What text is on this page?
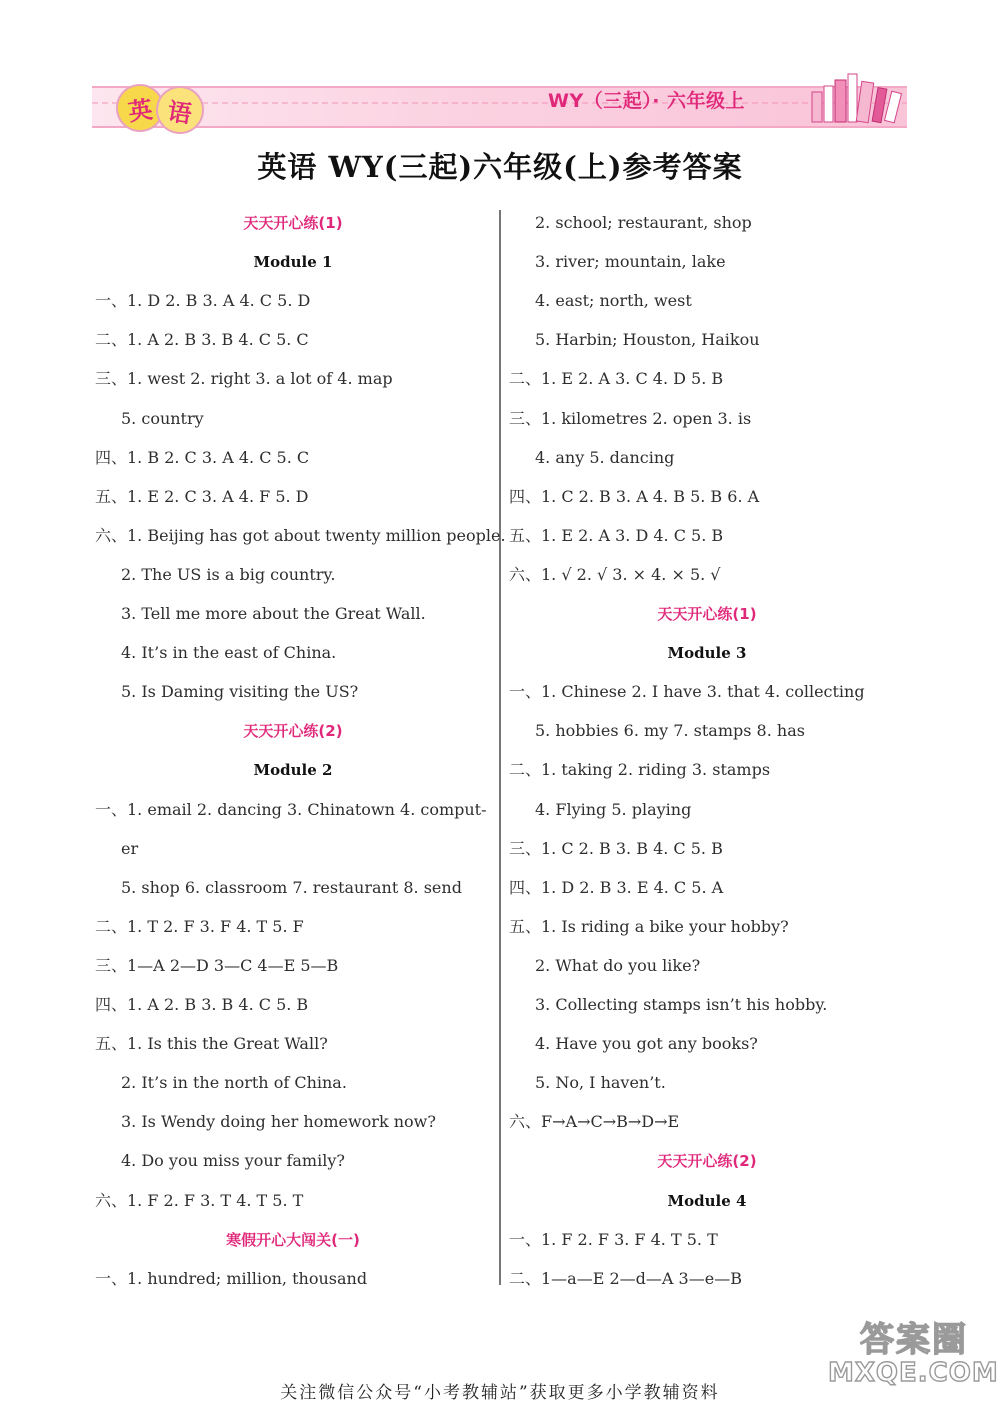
英 语	WY（三起）· 六年级上
英语 WY(三起)六年级(上)参考答案
天天开心练(1)
Module 1
一、1. D 2. B 3. A 4. C 5. D
二、1. A 2. B 3. B 4. C 5. C
三、1. west 2. right 3. a lot of 4. map
5. country
四、1. B 2. C 3. A 4. C 5. C
五、1. E 2. C 3. A 4. F 5. D
六、1. Beijing has got about twenty million people.
2. The US is a big country.
3. Tell me more about the Great Wall.
4. It’s in the east of China.
5. Is Daming visiting the US?
天天开心练(2)
Module 2
一、1. email 2. dancing 3. Chinatown 4. comput-
er
5. shop 6. classroom 7. restaurant 8. send
二、1. T 2. F 3. F 4. T 5. F
三、1—A 2—D 3—C 4—E 5—B
四、1. A 2. B 3. B 4. C 5. B
五、1. Is this the Great Wall?
2. It’s in the north of China.
3. Is Wendy doing her homework now?
4. Do you miss your family?
六、1. F 2. F 3. T 4. T 5. T
寒假开心大闯关(一)
一、1. hundred; million, thousand
2. school; restaurant, shop
3. river; mountain, lake
4. east; north, west
5. Harbin; Houston, Haikou
二、1. E 2. A 3. C 4. D 5. B
三、1. kilometres 2. open 3. is
4. any 5. dancing
四、1. C 2. B 3. A 4. B 5. B 6. A
五、1. E 2. A 3. D 4. C 5. B
六、1. √ 2. √ 3. × 4. × 5. √
天天开心练(1)
Module 3
一、1. Chinese 2. I have 3. that 4. collecting
5. hobbies 6. my 7. stamps 8. has
二、1. taking 2. riding 3. stamps
4. Flying 5. playing
三、1. C 2. B 3. B 4. C 5. B
四、1. D 2. B 3. E 4. C 5. A
五、1. Is riding a bike your hobby?
2. What do you like?
3. Collecting stamps isn’t his hobby.
4. Have you got any books?
5. No, I haven’t.
六、F→A→C→B→D→E
天天开心练(2)
Module 4
一、1. F 2. F 3. F 4. T 5. T
二、1—a—E 2—d—A 3—e—B
答案圈
MXQE.COM
关注微信公众号“小考教辅站”获取更多小学教辅资料
